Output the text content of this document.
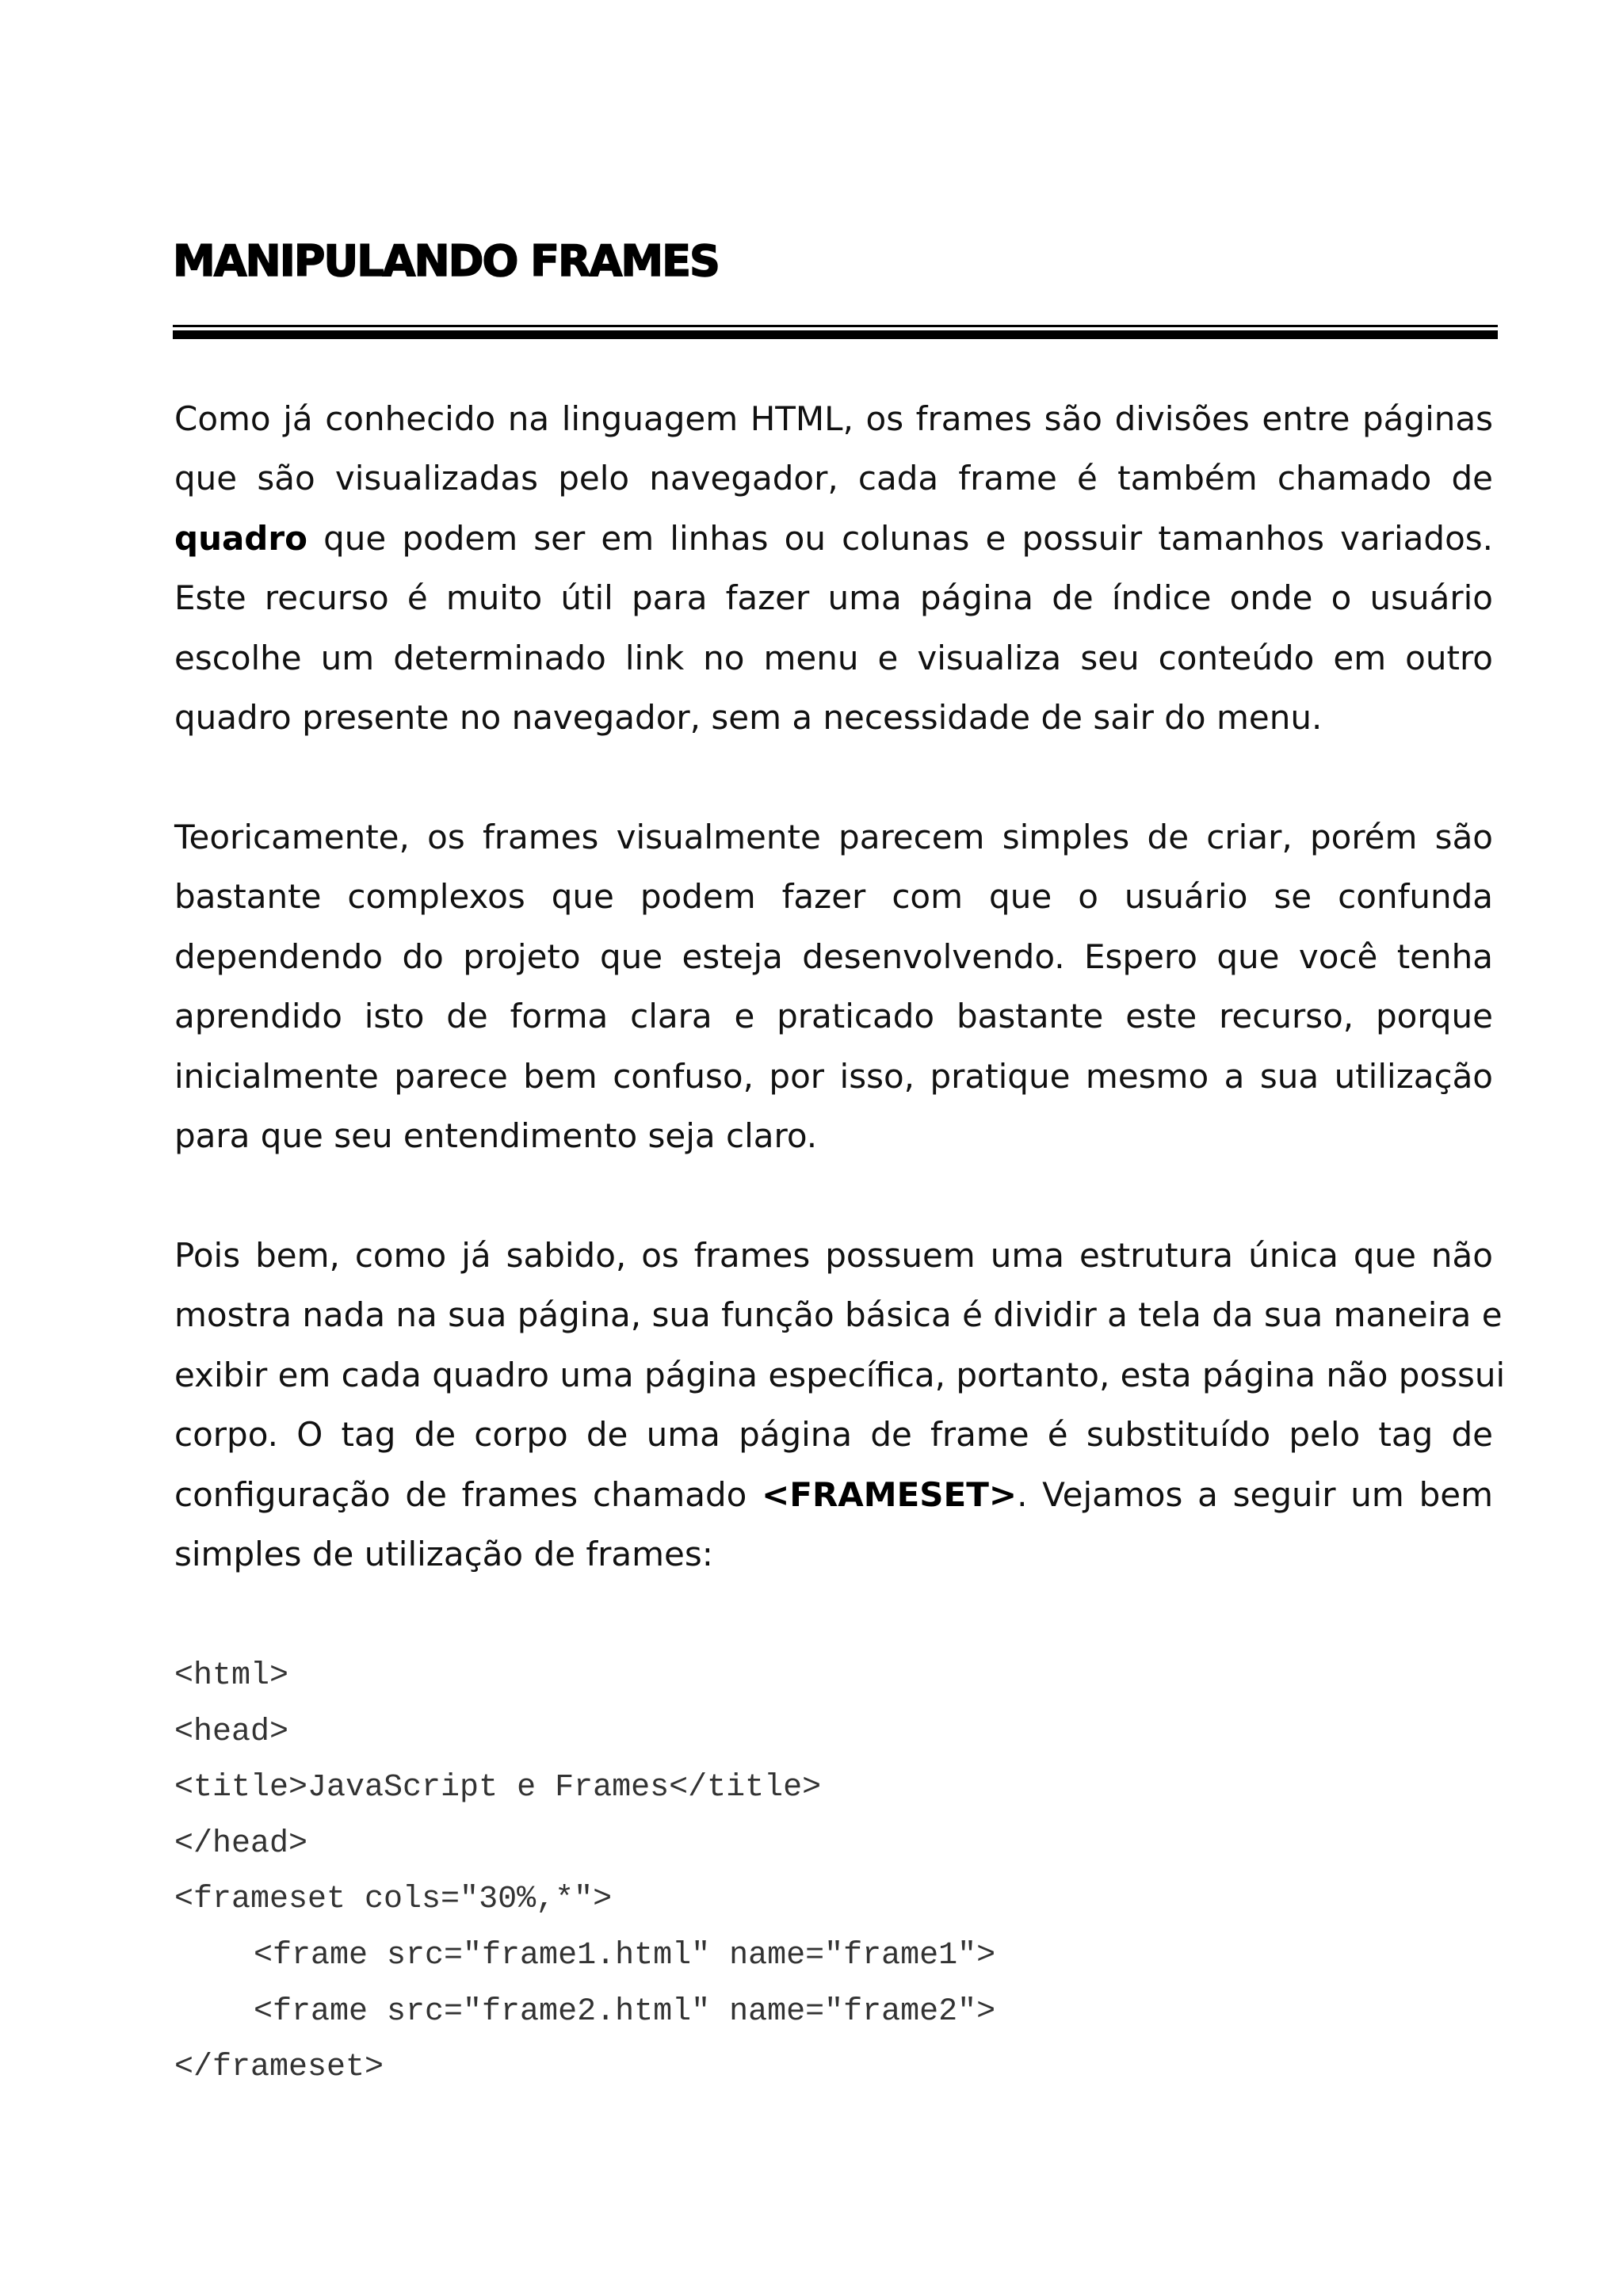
MANIPULANDO FRAMES
Como já conhecido na linguagem HTML, os frames são divisões entre páginas
que são visualizadas pelo navegador, cada frame é também chamado de
quadro que podem ser em linhas ou colunas e possuir tamanhos variados.
Este recurso é muito útil para fazer uma página de índice onde o usuário
escolhe um determinado link no menu e visualiza seu conteúdo em outro
quadro presente no navegador, sem a necessidade de sair do menu.
Teoricamente, os frames visualmente parecem simples de criar, porém são
bastante complexos que podem fazer com que o usuário se confunda
dependendo do projeto que esteja desenvolvendo. Espero que você tenha
aprendido isto de forma clara e praticado bastante este recurso, porque
inicialmente parece bem confuso, por isso, pratique mesmo a sua utilização
para que seu entendimento seja claro.
Pois bem, como já sabido, os frames possuem uma estrutura única que não
mostra nada na sua página, sua função básica é dividir a tela da sua maneira e
exibir em cada quadro uma página específica, portanto, esta página não possui
corpo. O tag de corpo de uma página de frame é substituído pelo tag de
configuração de frames chamado <FRAMESET>. Vejamos a seguir um bem
simples de utilização de frames:
<html>
<head>
<title>JavaScript e Frames</title>
</head>
<frameset cols="30%,*">
<frame src="frame1.html" name="frame1">
<frame src="frame2.html" name="frame2">
</frameset>
